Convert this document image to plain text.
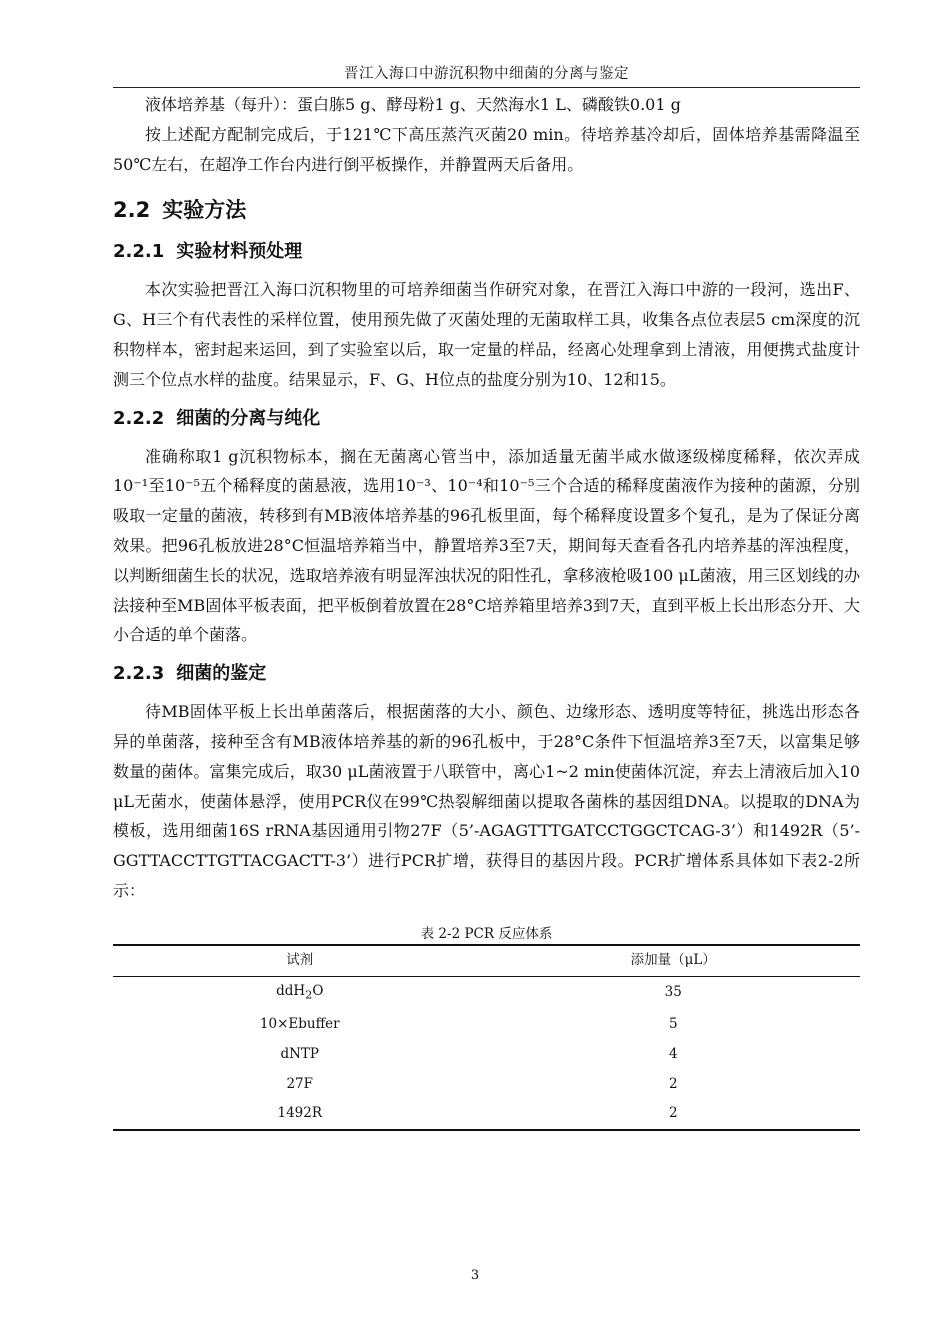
晋江入海口中游沉积物中细菌的分离与鉴定

液体培养基（每升）：蛋白胨5 g、酵母粉1 g、天然海水1 L、磷酸铁0.01 g

按上述配方配制完成后，于121℃下高压蒸汽灭菌20 min。待培养基冷却后，固体培养基需降温至50℃左右，在超净工作台内进行倒平板操作，并静置两天后备用。

2.2 实验方法
2.2.1 实验材料预处理

本次实验把晋江入海口沉积物里的可培养细菌当作研究对象，在晋江入海口中游的一段河，选出F、G、H三个有代表性的采样位置，使用预先做了灭菌处理的无菌取样工具，收集各点位表层5 cm深度的沉积物样本，密封起来运回，到了实验室以后，取一定量的样品，经离心处理拿到上清液，用便携式盐度计测三个位点水样的盐度。结果显示，F、G、H位点的盐度分别为10、12和15。

2.2.2 细菌的分离与纯化

准确称取1 g沉积物标本，搁在无菌离心管当中，添加适量无菌半咸水做逐级梯度稀释，依次弄成10⁻¹至10⁻⁵五个稀释度的菌悬液，选用10⁻³、10⁻⁴和10⁻⁵三个合适的稀释度菌液作为接种的菌源，分别吸取一定量的菌液，转移到有MB液体培养基的96孔板里面，每个稀释度设置多个复孔，是为了保证分离效果。把96孔板放进28°C恒温培养箱当中，静置培养3至7天，期间每天查看各孔内培养基的浑浊程度，以判断细菌生长的状况，选取培养液有明显浑浊状况的阳性孔，拿移液枪吸100 μL菌液，用三区划线的办法接种至MB固体平板表面，把平板倒着放置在28°C培养箱里培养3到7天，直到平板上长出形态分开、大小合适的单个菌落。

2.2.3 细菌的鉴定

待MB固体平板上长出单菌落后，根据菌落的大小、颜色、边缘形态、透明度等特征，挑选出形态各异的单菌落，接种至含有MB液体培养基的新的96孔板中，于28°C条件下恒温培养3至7天，以富集足够数量的菌体。富集完成后，取30 μL菌液置于八联管中，离心1~2 min使菌体沉淀，弃去上清液后加入10 μL无菌水，使菌体悬浮，使用PCR仪在99℃热裂解细菌以提取各菌株的基因组DNA。以提取的DNA为模板，选用细菌16S rRNA基因通用引物27F（5’-AGAGTTTGATCCTGGCTCAG-3’）和1492R（5’-GGTTACCTTGTTACGACTT-3’）进行PCR扩增，获得目的基因片段。PCR扩增体系具体如下表2-2所示：

表 2-2 PCR 反应体系
试剂	添加量（μL）
ddH$_2$O	35
10×Ebuffer	5
dNTP	4
27F	2
1492R	2
3
